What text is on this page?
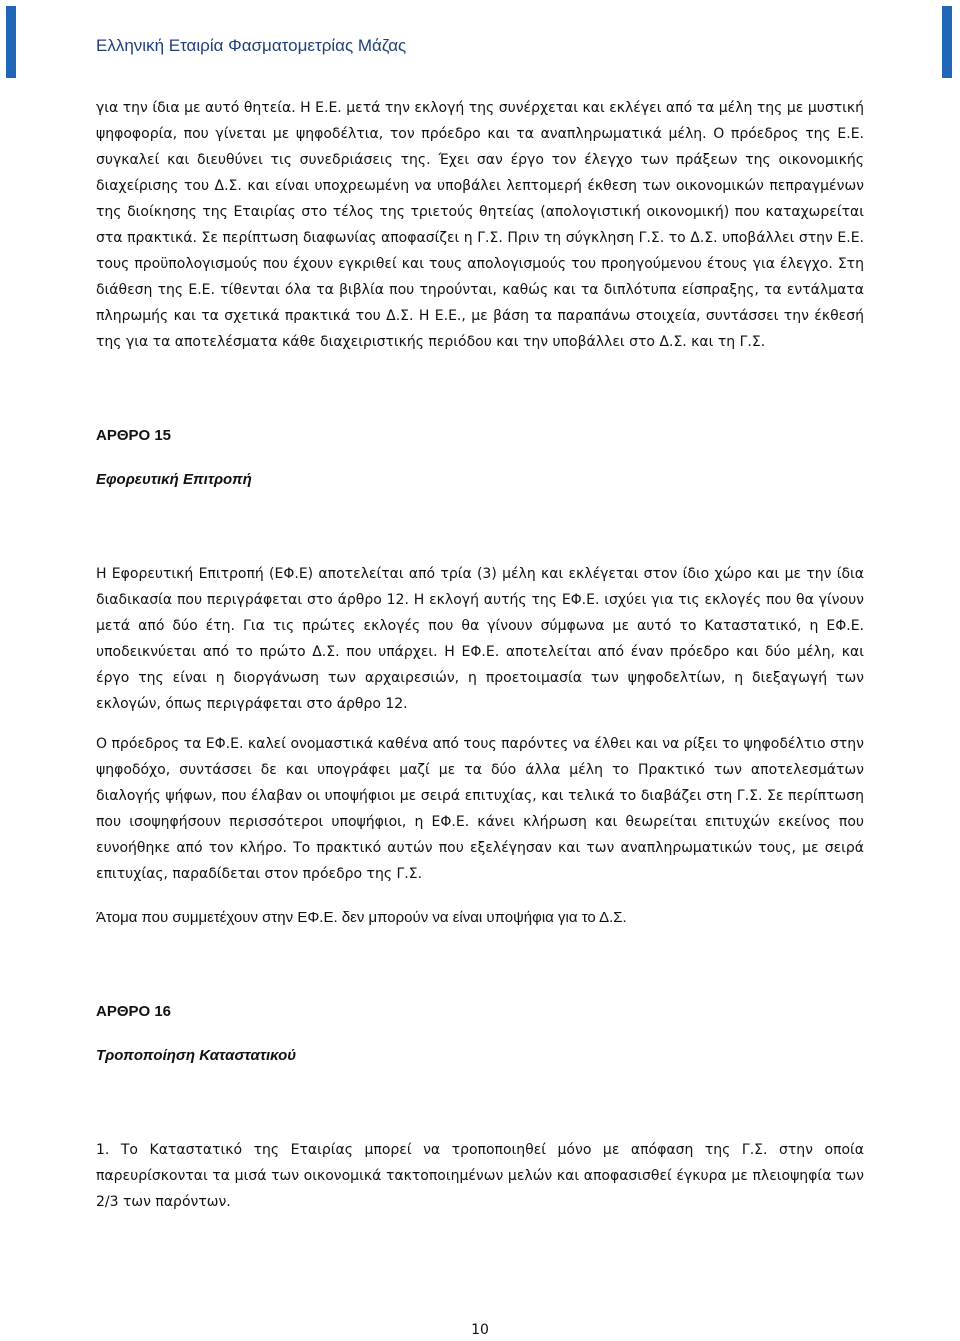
Ελληνική Εταιρία Φασματομετρίας Μάζας

για την ίδια με αυτό θητεία. Η Ε.Ε. μετά την εκλογή της συνέρχεται και εκλέγει από τα μέλη της με μυστική ψηφοφορία, που γίνεται με ψηφοδέλτια, τον πρόεδρο και τα αναπληρωματικά μέλη. Ο πρόεδρος της Ε.Ε. συγκαλεί και διευθύνει τις συνεδριάσεις της. Έχει σαν έργο τον έλεγχο των πράξεων της οικονομικής διαχείρισης του Δ.Σ. και είναι υποχρεωμένη να υποβάλει λεπτομερή έκθεση των οικονομικών πεπραγμένων της διοίκησης της Εταιρίας στο τέλος της τριετούς θητείας (απολογιστική οικονομική) που καταχωρείται στα πρακτικά. Σε περίπτωση διαφωνίας αποφασίζει η Γ.Σ. Πριν τη σύγκληση Γ.Σ. το Δ.Σ. υποβάλλει στην Ε.Ε. τους προϋπολογισμούς που έχουν εγκριθεί και τους απολογισμούς του προηγούμενου έτους για έλεγχο. Στη διάθεση της Ε.Ε. τίθενται όλα τα βιβλία που τηρούνται, καθώς και τα διπλότυπα είσπραξης, τα εντάλματα πληρωμής και τα σχετικά πρακτικά του Δ.Σ. Η Ε.Ε., με βάση τα παραπάνω στοιχεία, συντάσσει την έκθεσή της για τα αποτελέσματα κάθε διαχειριστικής περιόδου και την υποβάλλει στο Δ.Σ. και τη Γ.Σ.

ΑΡΘΡΟ 15

Εφορευτική Επιτροπή

Η Εφορευτική Επιτροπή (ΕΦ.Ε) αποτελείται από τρία (3) μέλη και εκλέγεται στον ίδιο χώρο και με την ίδια διαδικασία που περιγράφεται στο άρθρο 12. Η εκλογή αυτής της ΕΦ.Ε. ισχύει για τις εκλογές που θα γίνουν μετά από δύο έτη. Για τις πρώτες εκλογές που θα γίνουν σύμφωνα με αυτό το Καταστατικό, η ΕΦ.Ε. υποδεικνύεται από το πρώτο Δ.Σ. που υπάρχει. Η ΕΦ.Ε. αποτελείται από έναν πρόεδρο και δύο μέλη, και έργο της είναι η διοργάνωση των αρχαιρεσιών, η προετοιμασία των ψηφοδελτίων, η διεξαγωγή των εκλογών, όπως περιγράφεται στο άρθρο 12.

Ο πρόεδρος τα ΕΦ.Ε. καλεί ονομαστικά καθένα από τους παρόντες να έλθει και να ρίξει το ψηφοδέλτιο στην ψηφοδόχο, συντάσσει δε και υπογράφει μαζί με τα δύο άλλα μέλη το Πρακτικό των αποτελεσμάτων διαλογής ψήφων, που έλαβαν οι υποψήφιοι με σειρά επιτυχίας, και τελικά το διαβάζει στη Γ.Σ. Σε περίπτωση που ισοψηφήσουν περισσότεροι υποψήφιοι, η ΕΦ.Ε. κάνει κλήρωση και θεωρείται επιτυχών εκείνος που ευνοήθηκε από τον κλήρο. Το πρακτικό αυτών που εξελέγησαν και των αναπληρωματικών τους, με σειρά επιτυχίας, παραδίδεται στον πρόεδρο της Γ.Σ.

Άτομα που συμμετέχουν στην ΕΦ.Ε. δεν μπορούν να είναι υποψήφια για το Δ.Σ.

ΑΡΘΡΟ 16

Τροποποίηση Καταστατικού

1. Το Καταστατικό της Εταιρίας μπορεί να τροποποιηθεί μόνο με απόφαση της Γ.Σ. στην οποία παρευρίσκονται τα μισά των οικονομικά τακτοποιημένων μελών και αποφασισθεί έγκυρα με πλειοψηφία των 2/3 των παρόντων.

10
